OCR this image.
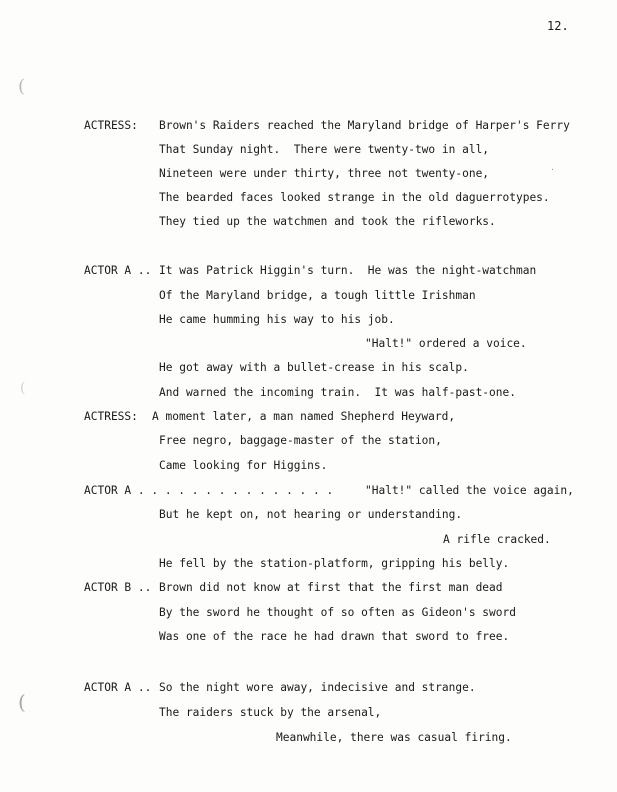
(
(
(
.
12.
ACTRESS: Brown's Raiders reached the Maryland bridge of Harper's Ferry
That Sunday night.  There were twenty-two in all,
Nineteen were under thirty, three not twenty-one,
The bearded faces looked strange in the old daguerrotypes.
They tied up the watchmen and took the rifleworks.
ACTOR A .. It was Patrick Higgin's turn.  He was the night-watchman
Of the Maryland bridge, a tough little Irishman
He came humming his way to his job.
"Halt!" ordered a voice.
He got away with a bullet-crease in his scalp.
And warned the incoming train.  It was half-past-one.
ACTRESS: A moment later, a man named Shepherd Heyward,
Free negro, baggage-master of the station,
Came looking for Higgins.
ACTOR A . . . . . . . . . . . . . . .	"Halt!" called the voice again,
But he kept on, not hearing or understanding.
A rifle cracked.
He fell by the station-platform, gripping his belly.
ACTOR B .. Brown did not know at first that the first man dead
By the sword he thought of so often as Gideon's sword
Was one of the race he had drawn that sword to free.
ACTOR A .. So the night wore away, indecisive and strange.
The raiders stuck by the arsenal,
Meanwhile, there was casual firing.
